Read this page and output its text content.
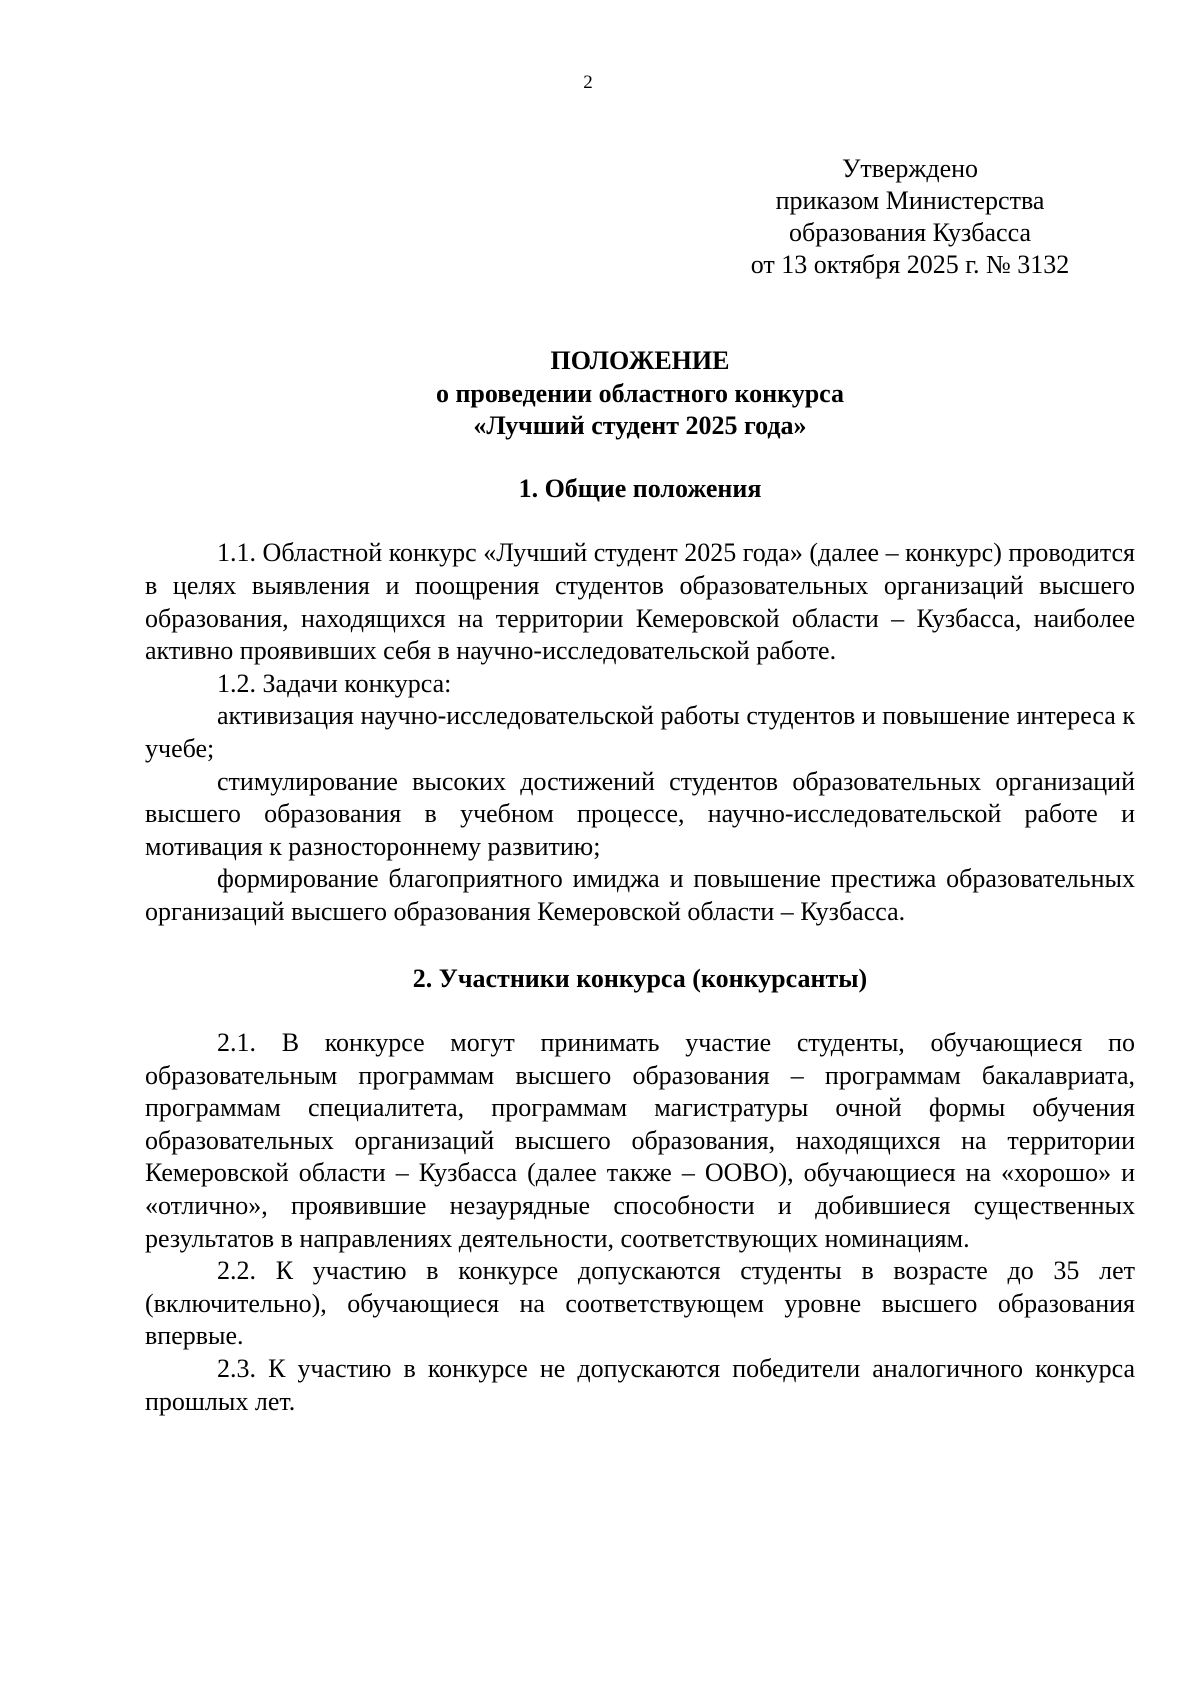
2
Утверждено
приказом Министерства
образования Кузбасса
от 13 октября 2025 г. № 3132
ПОЛОЖЕНИЕ
о проведении областного конкурса
«Лучший студент 2025 года»
1. Общие положения

1.1. Областной конкурс «Лучший студент 2025 года» (далее – конкурс) проводится в целях выявления и поощрения студентов образовательных организаций высшего образования, находящихся на территории Кемеровской области – Кузбасса, наиболее активно проявивших себя в научно-исследовательской работе.

1.2. Задачи конкурса:

активизация научно-исследовательской работы студентов и повышение интереса к учебе;

стимулирование высоких достижений студентов образовательных организаций высшего образования в учебном процессе, научно-исследовательской работе и мотивация к разностороннему развитию;

формирование благоприятного имиджа и повышение престижа образовательных организаций высшего образования Кемеровской области – Кузбасса.

2. Участники конкурса (конкурсанты)

2.1. В конкурсе могут принимать участие студенты, обучающиеся по образовательным программам высшего образования – программам бакалавриата, программам специалитета, программам магистратуры очной формы обучения образовательных организаций высшего образования, находящихся на территории Кемеровской области – Кузбасса (далее также – ООВО), обучающиеся на «хорошо» и «отлично», проявившие незаурядные способности и добившиеся существенных результатов в направлениях деятельности, соответствующих номинациям.

2.2. К участию в конкурсе допускаются студенты в возрасте до 35 лет (включительно), обучающиеся на соответствующем уровне высшего образования впервые.

2.3. К участию в конкурсе не допускаются победители аналогичного конкурса прошлых лет.
